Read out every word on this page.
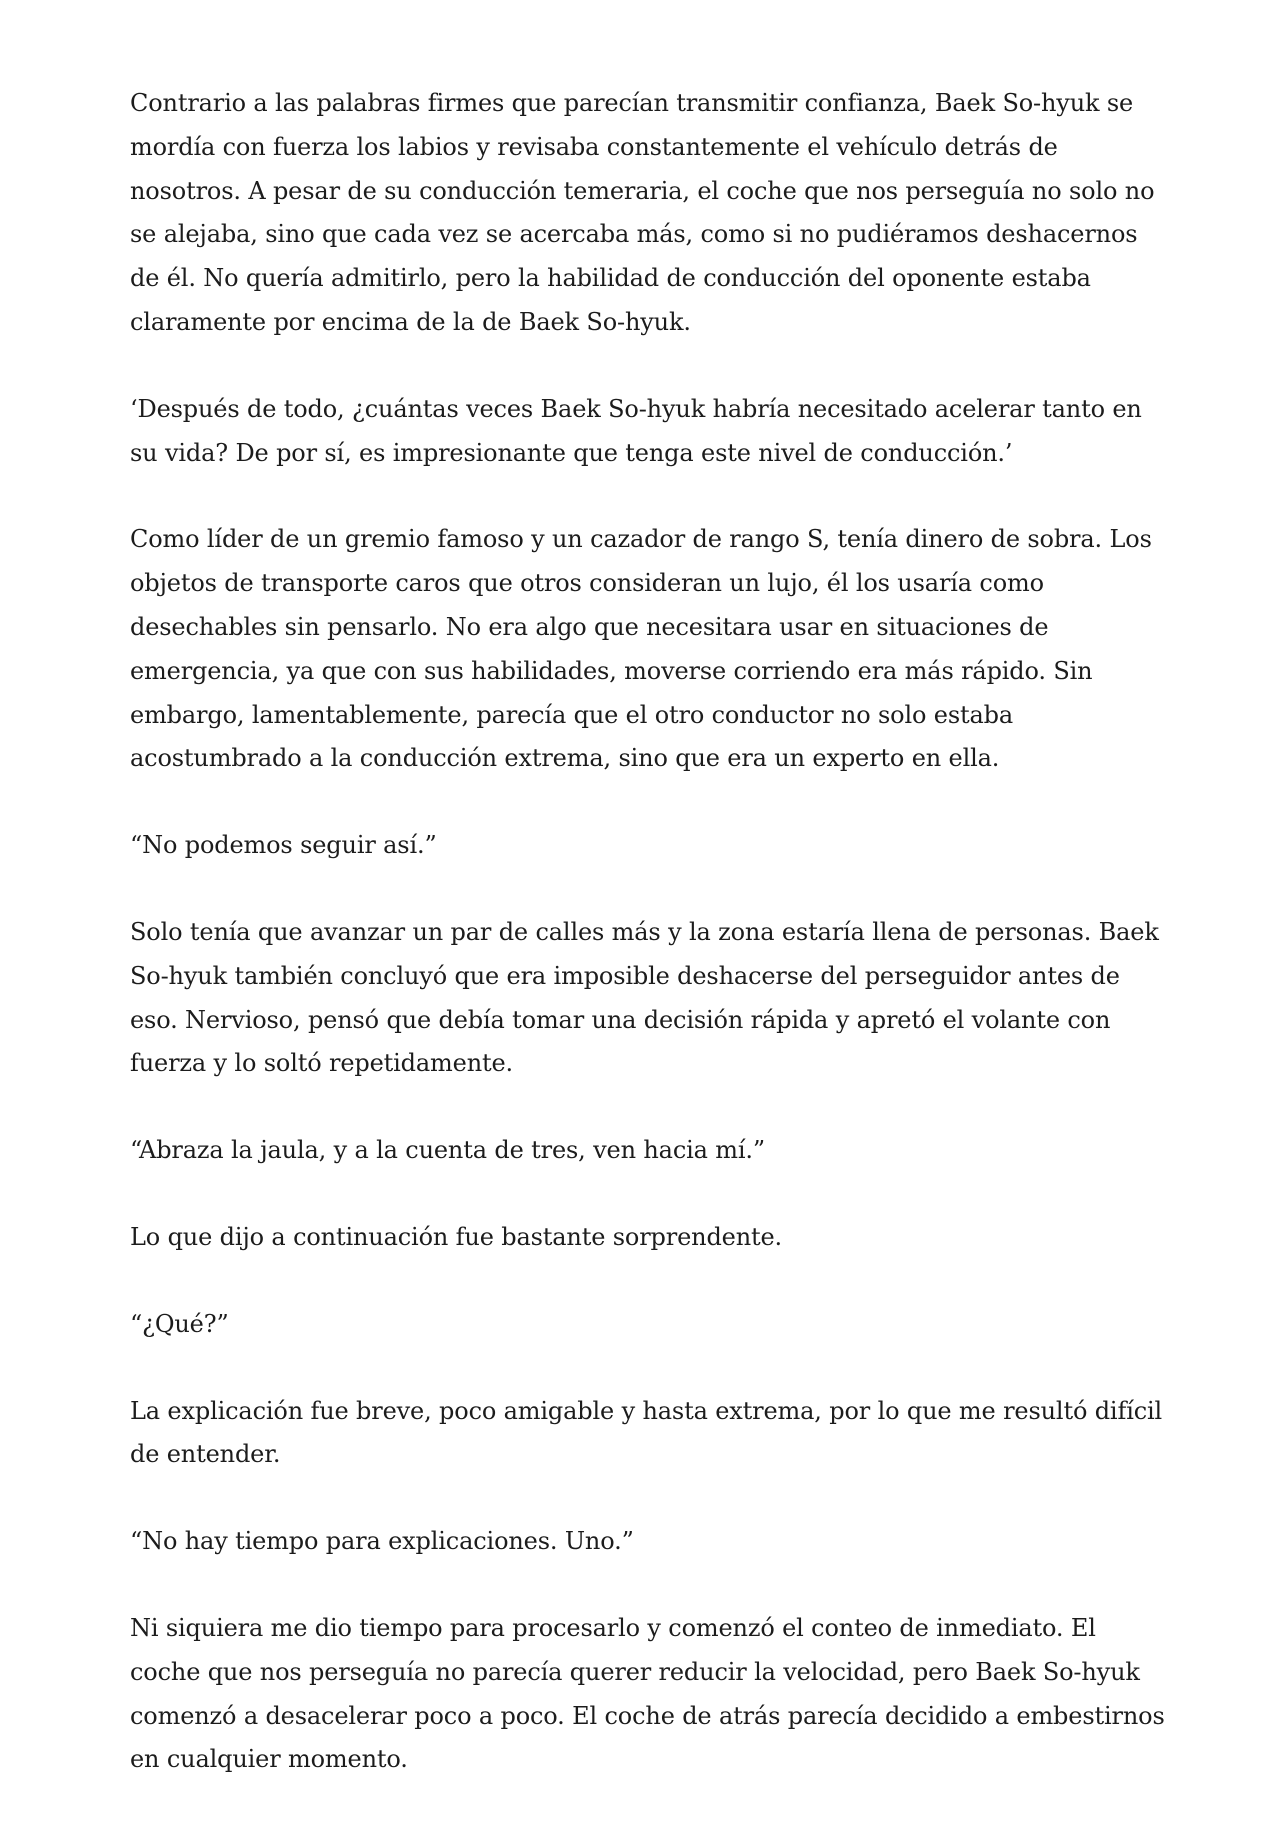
Contrario a las palabras firmes que parecían transmitir confianza, Baek So-hyuk se mordía con fuerza los labios y revisaba constantemente el vehículo detrás de nosotros. A pesar de su conducción temeraria, el coche que nos perseguía no solo no se alejaba, sino que cada vez se acercaba más, como si no pudiéramos deshacernos de él. No quería admitirlo, pero la habilidad de conducción del oponente estaba claramente por encima de la de Baek So-hyuk.

‘Después de todo, ¿cuántas veces Baek So-hyuk habría necesitado acelerar tanto en su vida? De por sí, es impresionante que tenga este nivel de conducción.’

Como líder de un gremio famoso y un cazador de rango S, tenía dinero de sobra. Los objetos de transporte caros que otros consideran un lujo, él los usaría como desechables sin pensarlo. No era algo que necesitara usar en situaciones de emergencia, ya que con sus habilidades, moverse corriendo era más rápido. Sin embargo, lamentablemente, parecía que el otro conductor no solo estaba acostumbrado a la conducción extrema, sino que era un experto en ella.

“No podemos seguir así.”

Solo tenía que avanzar un par de calles más y la zona estaría llena de personas. Baek So-hyuk también concluyó que era imposible deshacerse del perseguidor antes de eso. Nervioso, pensó que debía tomar una decisión rápida y apretó el volante con fuerza y lo soltó repetidamente.

“Abraza la jaula, y a la cuenta de tres, ven hacia mí.”

Lo que dijo a continuación fue bastante sorprendente.

“¿Qué?”

La explicación fue breve, poco amigable y hasta extrema, por lo que me resultó difícil de entender.

“No hay tiempo para explicaciones. Uno.”

Ni siquiera me dio tiempo para procesarlo y comenzó el conteo de inmediato. El coche que nos perseguía no parecía querer reducir la velocidad, pero Baek So-hyuk comenzó a desacelerar poco a poco. El coche de atrás parecía decidido a embestirnos en cualquier momento.
